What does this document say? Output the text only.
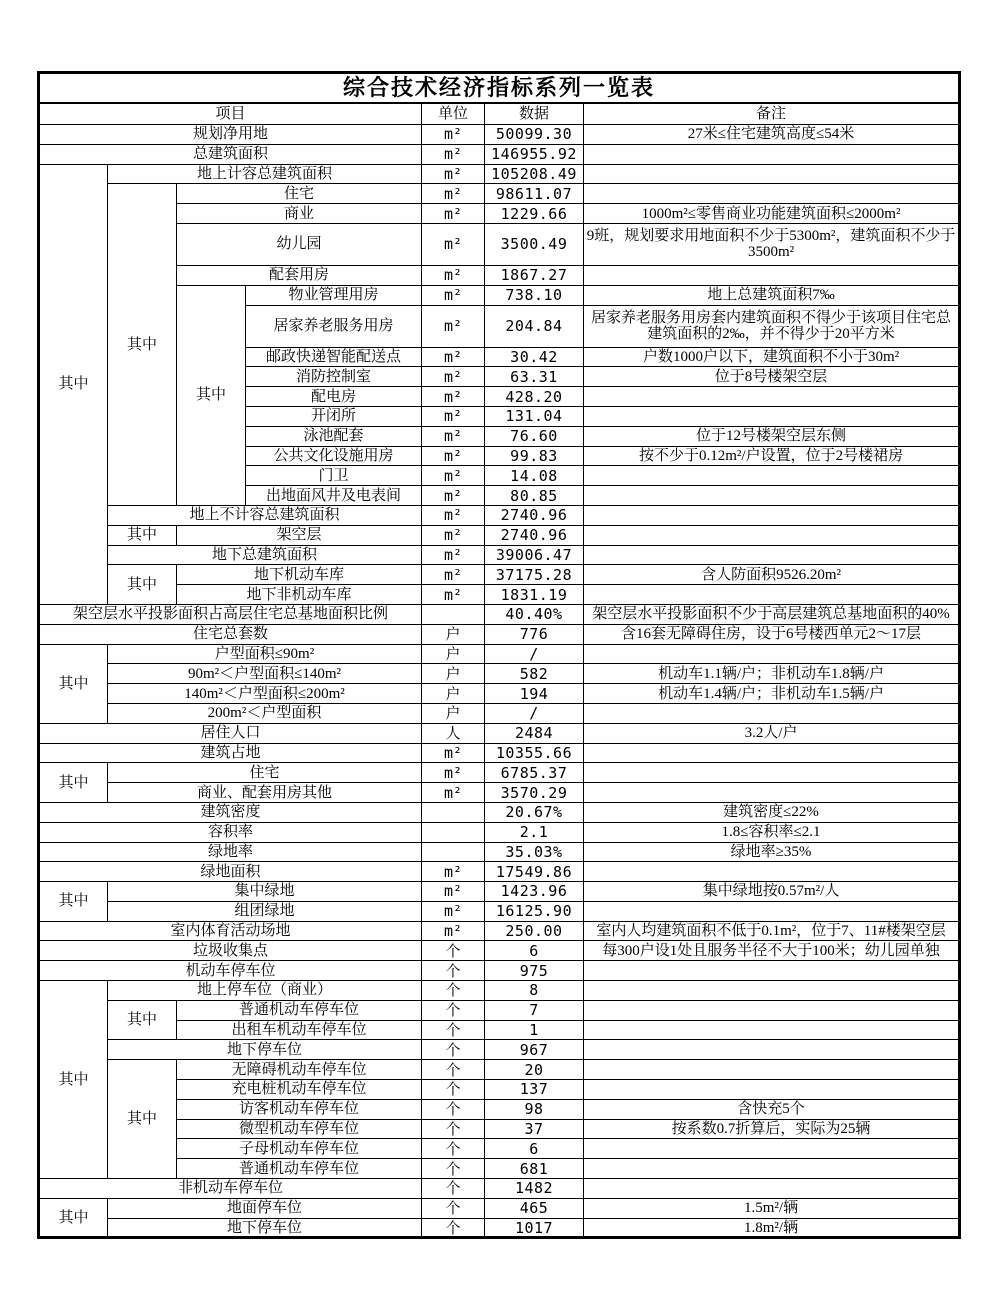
综合技术经济指标系列一览表						
项目				单位	数据	备注
规划净用地				m²	50099.30	27米≤住宅建筑高度≤54米
总建筑面积				m²	146955.92	
其中	地上计容总建筑面积			m²	105208.49	
	其中	住宅		m²	98611.07	
		商业		m²	1229.66	1000m²≤零售商业功能建筑面积≤2000m²
		幼儿园		m²	3500.49	9班，规划要求用地面积不少于5300m²，建筑面积不少于3500m²
		配套用房		m²	1867.27	
		其中	物业管理用房	m²	738.10	地上总建筑面积7‰
			居家养老服务用房	m²	204.84	居家养老服务用房套内建筑面积不得少于该项目住宅总建筑面积的2‰，并不得少于20平方米
			邮政快递智能配送点	m²	30.42	户数1000户以下，建筑面积不小于30m²
			消防控制室	m²	63.31	位于8号楼架空层
			配电房	m²	428.20	
			开闭所	m²	131.04	
			泳池配套	m²	76.60	位于12号楼架空层东侧
			公共文化设施用房	m²	99.83	按不少于0.12m²/户设置，位于2号楼裙房
			门卫	m²	14.08	
			出地面风井及电表间	m²	80.85	
	地上不计容总建筑面积			m²	2740.96	
	其中	架空层		m²	2740.96	
	地下总建筑面积			m²	39006.47	
	其中	地下机动车库		m²	37175.28	含人防面积9526.20m²
		地下非机动车库		m²	1831.19	
架空层水平投影面积占高层住宅总基地面积比例					40.40%	架空层水平投影面积不少于高层建筑总基地面积的40%
住宅总套数				户	776	含16套无障碍住房，设于6号楼西单元2～17层
其中	户型面积≤90m²			户	/	
	90m²＜户型面积≤140m²			户	582	机动车1.1辆/户；非机动车1.8辆/户
	140m²＜户型面积≤200m²			户	194	机动车1.4辆/户；非机动车1.5辆/户
	200m²＜户型面积			户	/	
居住人口				人	2484	3.2人/户
建筑占地				m²	10355.66	
其中	住宅			m²	6785.37	
	商业、配套用房其他			m²	3570.29	
建筑密度					20.67%	建筑密度≤22%
容积率					2.1	1.8≤容积率≤2.1
绿地率					35.03%	绿地率≥35%
绿地面积				m²	17549.86	
其中	集中绿地			m²	1423.96	集中绿地按0.57m²/人
	组团绿地			m²	16125.90	
室内体育活动场地				m²	250.00	室内人均建筑面积不低于0.1m²，位于7、11#楼架空层
垃圾收集点				个	6	每300户设1处且服务半径不大于100米；幼儿园单独
机动车停车位				个	975	
其中	地上停车位（商业）			个	8	
	其中	普通机动车停车位		个	7	
		出租车机动车停车位		个	1	
	地下停车位			个	967	
	其中	无障碍机动车停车位		个	20	
		充电桩机动车停车位		个	137	
		访客机动车停车位		个	98	含快充5个
		微型机动车停车位		个	37	按系数0.7折算后，实际为25辆
		子母机动车停车位		个	6	
		普通机动车停车位		个	681	
非机动车停车位				个	1482	
其中	地面停车位			个	465	1.5m²/辆
	地下停车位			个	1017	1.8m²/辆
